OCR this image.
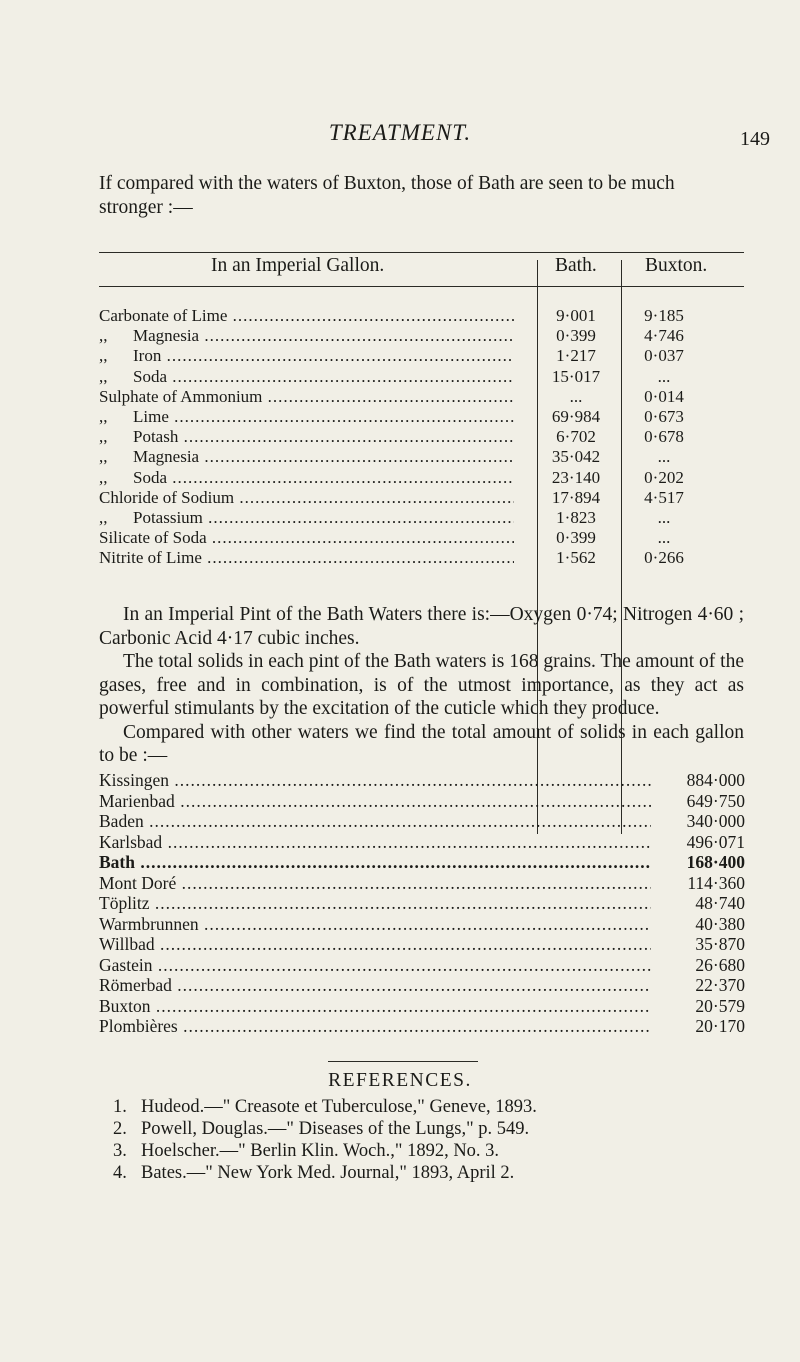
TREATMENT.	149
If compared with the waters of Buxton, those of Bath are seen to be much stronger :—
In an Imperial Gallon.	Bath. Buxton.
Carbonate of Lime .....	9·001	9·185
,,      Magnesia .....	0·399	4·746
,,      Iron .....	1·217	0·037
,,      Soda .....	15·017	...
Sulphate of Ammonium .....	...	0·014
,,      Lime .....	69·984	0·673
,,      Potash .....	6·702	0·678
,,      Magnesia .....	35·042	...
,,      Soda .....	23·140	0·202
Chloride of Sodium .....	17·894	4·517
,,      Potassium .....	1·823	...
Silicate of Soda .....	0·399	...
Nitrite of Lime .....	1·562	0·266

In an Imperial Pint of the Bath Waters there is:—Oxygen 0·74; Nitrogen 4·60 ; Carbonic Acid 4·17 cubic inches.

The total solids in each pint of the Bath waters is 168 grains. The amount of the gases, free and in combination, is of the utmost importance, as they act as powerful stimulants by the excitation of the cuticle which they produce.

Compared with other waters we find the total amount of solids in each gallon to be :—

Kissingen .....	884·000
Marienbad .....	649·750
Baden .....	340·000
Karlsbad .....	496·071
Bath .....	168·400
Mont Doré .....	114·360
Töplitz .....	48·740
Warmbrunnen .....	40·380
Willbad .....	35·870
Gastein .....	26·680
Römerbad .....	22·370
Buxton .....	20·579
Plombières .....	20·170
REFERENCES.
1. Hudeod.—" Creasote et Tuberculose," Geneve, 1893.
2. Powell, Douglas.—" Diseases of the Lungs," p. 549.
3. Hoelscher.—" Berlin Klin. Woch.," 1892, No. 3.
4. Bates.—" New York Med. Journal," 1893, April 2.
